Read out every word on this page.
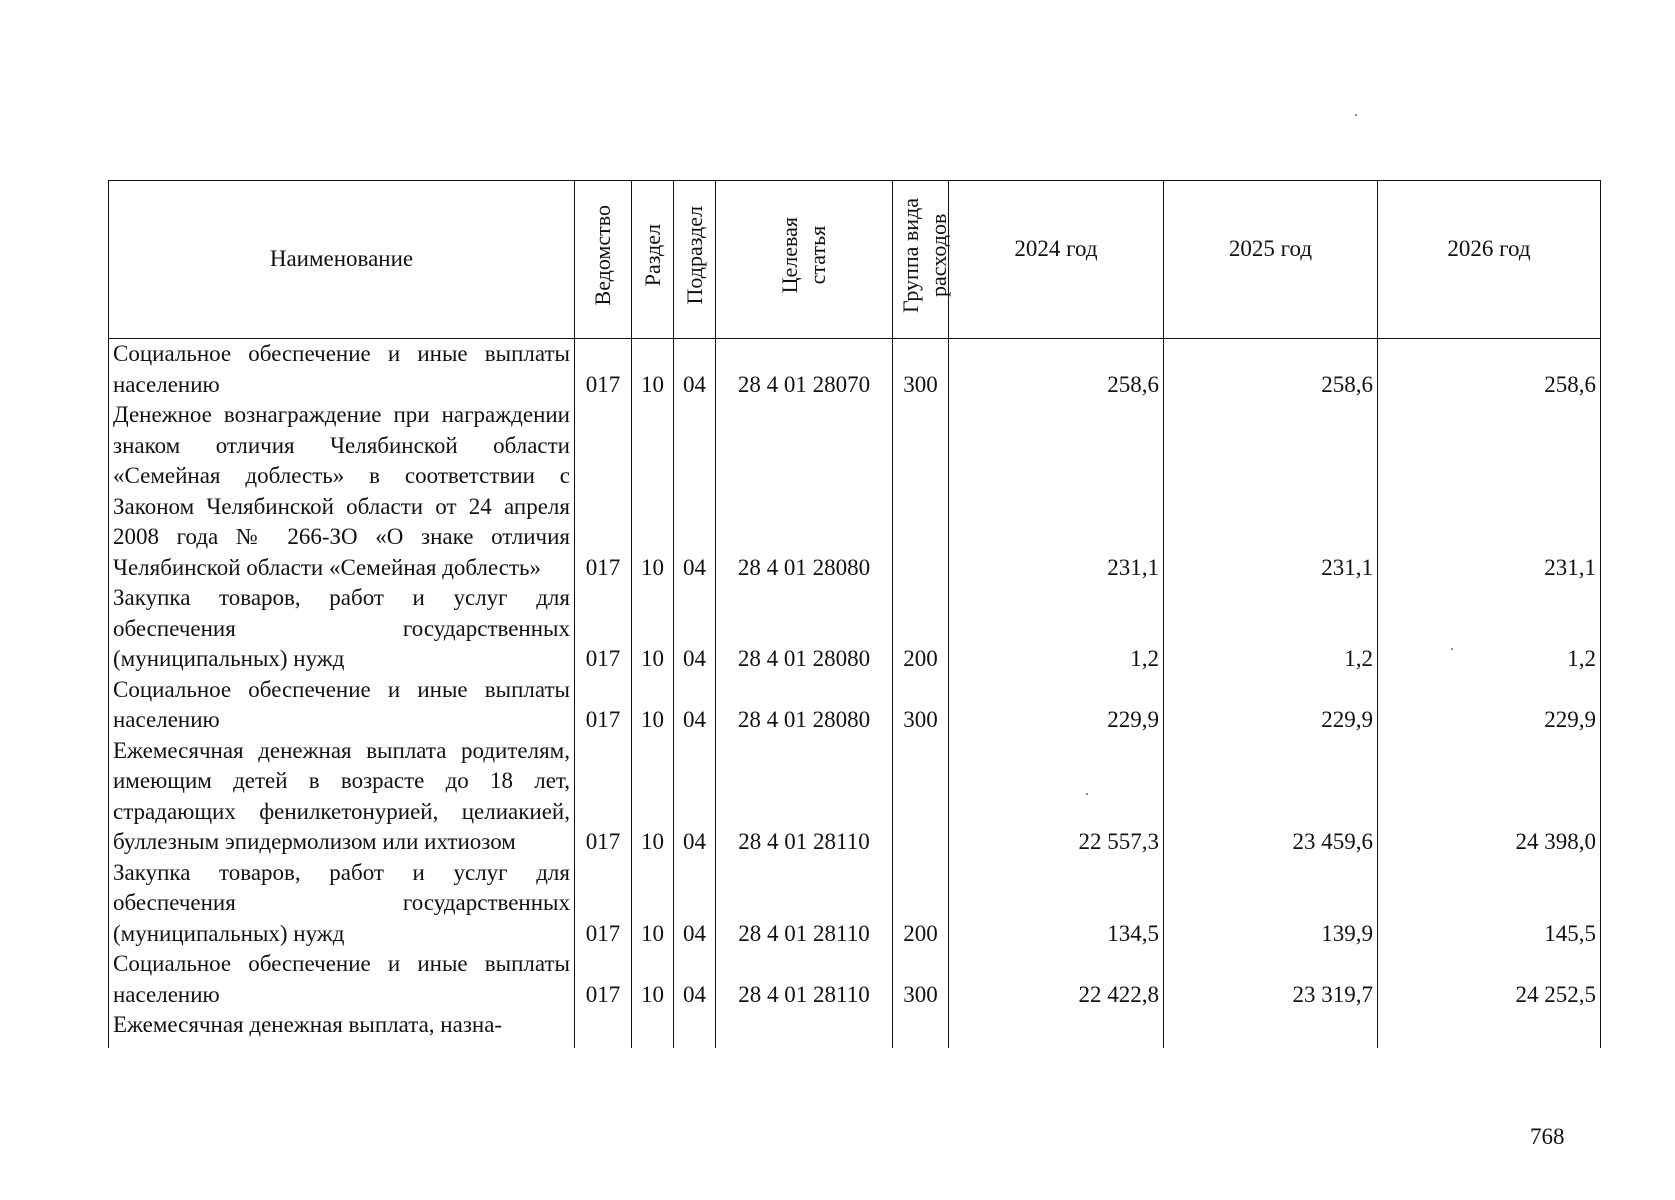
Наименование	Ведомство	Раздел	Подраздел	Целевая статья	Группа вида расходов	2024 год	2025 год	2026 год
Социальное обеспечение и иные выплаты населению	017	10	04	28 4 01 28070	300	258,6	258,6	258,6
Денежное вознаграждение при награждении знаком отличия Челябинской области «Семейная доблесть» в соответствии с Законом Челябинской области от 24 апреля 2008 года № 266-ЗО «О знаке отличия Челябинской области «Семейная доблесть»	017	10	04	28 4 01 28080		231,1	231,1	231,1
Закупка товаров, работ и услуг для обеспечения государственных (муниципальных) нужд	017	10	04	28 4 01 28080	200	1,2	1,2	1,2
Социальное обеспечение и иные выплаты населению	017	10	04	28 4 01 28080	300	229,9	229,9	229,9
Ежемесячная денежная выплата родителям, имеющим детей в возрасте до 18 лет, страдающих фенилкетонурией, целиакией, буллезным эпидермолизом или ихтиозом	017	10	04	28 4 01 28110		22 557,3	23 459,6	24 398,0
Закупка товаров, работ и услуг для обеспечения государственных (муниципальных) нужд	017	10	04	28 4 01 28110	200	134,5	139,9	145,5
Социальное обеспечение и иные выплаты населению	017	10	04	28 4 01 28110	300	22 422,8	23 319,7	24 252,5
Ежемесячная денежная выплата, назна-								
768
